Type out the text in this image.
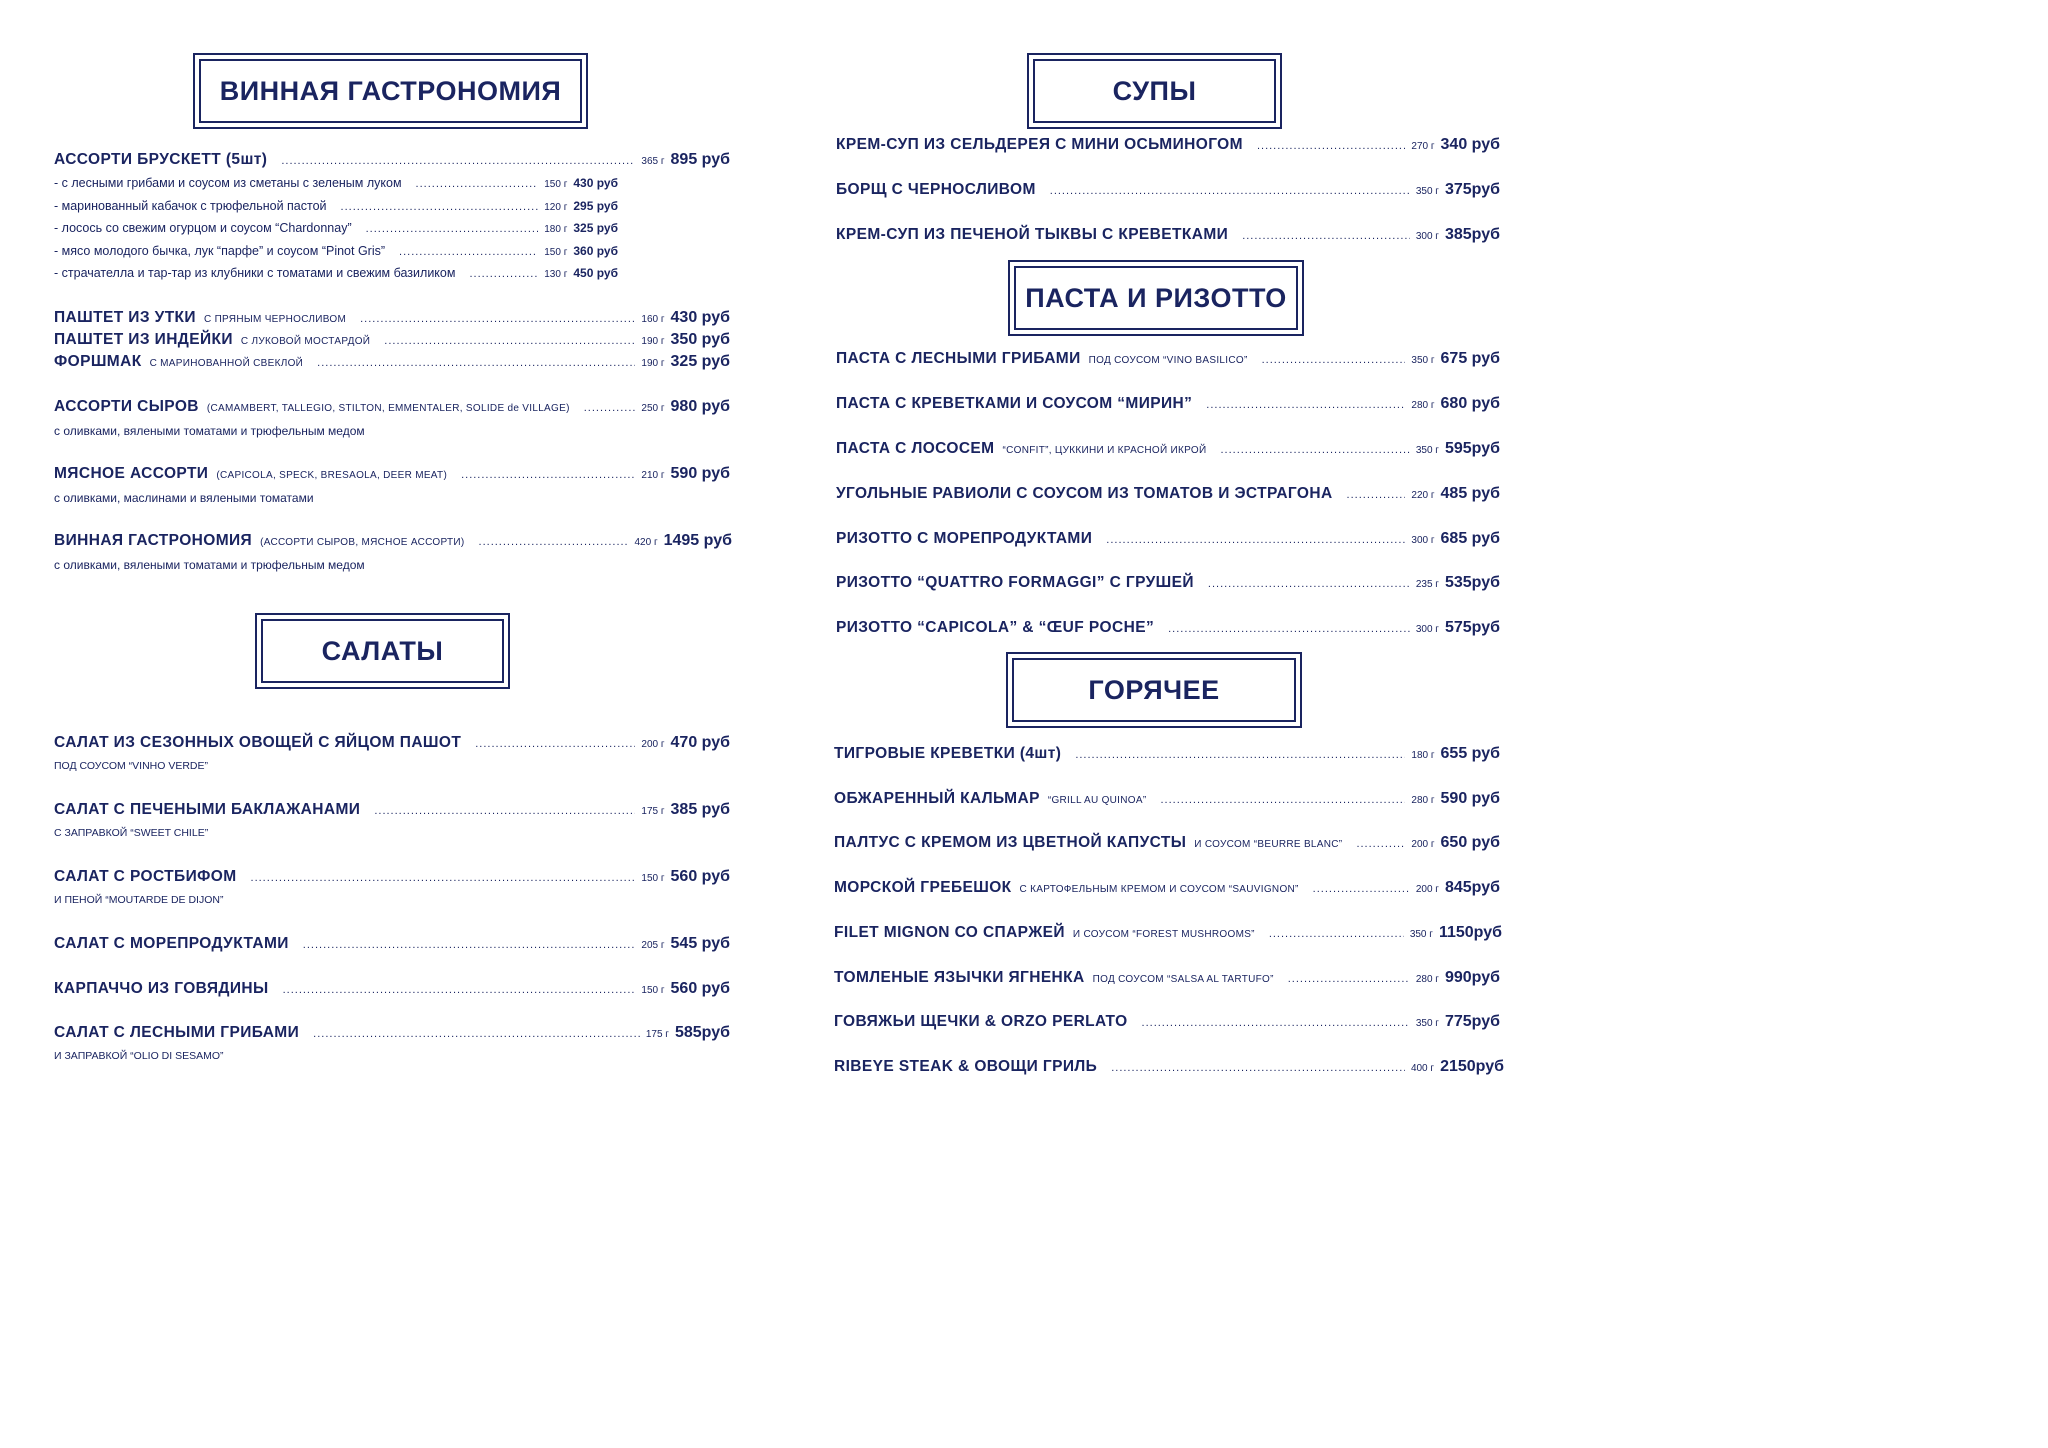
ВИННАЯ ГАСТРОНОМИЯ
АССОРТИ БРУСКЕТТ (5шт) .....	365 г 895 руб
- с лесными грибами и соусом из сметаны с зеленым луком .....	150 г 430 руб
- маринованный кабачок с трюфельной пастой .....	120 г 295 руб
- лосось со свежим огурцом и соусом “Chardonnay” .....	180 г 325 руб
- мясо молодого бычка, лук “парфе” и соусом “Pinot Gris” .....	150 г 360 руб
- страчателла и тар-тар из клубники с томатами и свежим базиликом .....	130 г 450 руб
ПАШТЕТ ИЗ УТКИ С ПРЯНЫМ ЧЕРНОСЛИВОМ .....	160 г 430 руб
ПАШТЕТ ИЗ ИНДЕЙКИ С ЛУКОВОЙ МОСТАРДОЙ .....	190 г 350 руб
ФОРШМАК С МАРИНОВАННОЙ СВЕКЛОЙ .....	190 г 325 руб
АССОРТИ СЫРОВ (CAMAMBERT, TALLEGIO, STILTON, EMMENTALER, SOLIDE de VILLAGE) .....	250 г 980 руб
с оливками, вялеными томатами и трюфельным медом
МЯСНОЕ АССОРТИ (CAPICOLA, SPECK, BRESAOLA, DEER MEAT) .....	210 г 590 руб
с оливками, маслинами и вялеными томатами
ВИННАЯ ГАСТРОНОМИЯ (АССОРТИ СЫРОВ, МЯСНОЕ АССОРТИ) .....	420 г 1495 руб
с оливками, вялеными томатами и трюфельным медом
САЛАТЫ
САЛАТ ИЗ СЕЗОННЫХ ОВОЩЕЙ С ЯЙЦОМ ПАШОТ .....	200 г 470 руб
ПОД СОУСОМ “VINHO VERDE”
САЛАТ С ПЕЧЕНЫМИ БАКЛАЖАНАМИ .....	175 г 385 руб
С ЗАПРАВКОЙ “SWEET CHILE”
САЛАТ С РОСТБИФОМ .....	150 г 560 руб
И ПЕНОЙ “MOUTARDE DE DIJON”
САЛАТ С МОРЕПРОДУКТАМИ .....	205 г 545 руб
КАРПАЧЧО ИЗ ГОВЯДИНЫ .....	150 г 560 руб
САЛАТ С ЛЕСНЫМИ ГРИБАМИ .....	175 г 585руб
И ЗАПРАВКОЙ “OLIO DI SESAMO”
СУПЫ
КРЕМ-СУП ИЗ СЕЛЬДЕРЕЯ С МИНИ ОСЬМИНОГОМ .....	270 г 340 руб
БОРЩ С ЧЕРНОСЛИВОМ .....	350 г 375руб
КРЕМ-СУП ИЗ ПЕЧЕНОЙ ТЫКВЫ С КРЕВЕТКАМИ .....	300 г 385руб
ПАСТА И РИЗОТТО
ПАСТА С ЛЕСНЫМИ ГРИБАМИ ПОД СОУСОМ “VINO BASILICO” .....	350 г 675 руб
ПАСТА С КРЕВЕТКАМИ И СОУСОМ “МИРИН” .....	280 г 680 руб
ПАСТА С ЛОСОСЕМ “CONFIT”, ЦУККИНИ И КРАСНОЙ ИКРОЙ .....	350 г 595руб
УГОЛЬНЫЕ РАВИОЛИ С СОУСОМ ИЗ ТОМАТОВ И ЭСТРАГОНА .....	220 г 485 руб
РИЗОТТО С МОРЕПРОДУКТАМИ .....	300 г 685 руб
РИЗОТТО “QUATTRO FORMAGGI” С ГРУШЕЙ .....	235 г 535руб
РИЗОТТО “CAPICOLA” & “ŒUF POCHE” .....	300 г 575руб
ГОРЯЧЕЕ
ТИГРОВЫЕ КРЕВЕТКИ (4шт) .....	180 г 655 руб
ОБЖАРЕННЫЙ КАЛЬМАР “GRILL AU QUINOA” .....	280 г 590 руб
ПАЛТУС С КРЕМОМ ИЗ ЦВЕТНОЙ КАПУСТЫ И СОУСОМ “BEURRE BLANC” .....	200 г 650 руб
МОРСКОЙ ГРЕБЕШОК С КАРТОФЕЛЬНЫМ КРЕМОМ И СОУСОМ “SAUVIGNON” .....	200 г 845руб
FILET MIGNON СО СПАРЖЕЙ И СОУСОМ “FOREST MUSHROOMS” .....	350 г 1150руб
ТОМЛЕНЫЕ ЯЗЫЧКИ ЯГНЕНКА ПОД СОУСОМ “SALSA AL TARTUFO” .....	280 г 990руб
ГОВЯЖЬИ ЩЕЧКИ & ORZO PERLATO .....	350 г 775руб
RIBEYE STEAK & ОВОЩИ ГРИЛЬ .....	400 г 2150руб
